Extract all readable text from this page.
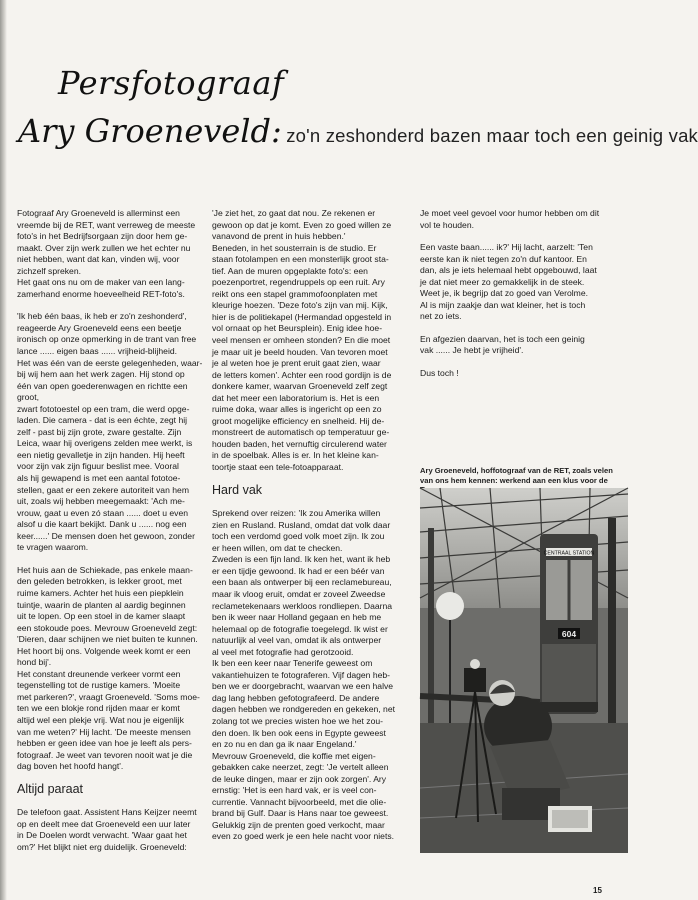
Persfotograaf
Ary Groeneveld: zo'n zeshonderd bazen maar toch een geinig vak

Fotograaf Ary Groeneveld is allerminst een
vreemde bij de RET, want verreweg de meeste
foto's in het Bedrijfsorgaan zijn door hem ge-
maakt. Over zijn werk zullen we het echter nu
niet hebben, want dat kan, vinden wij, voor
zichzelf spreken.
Het gaat ons nu om de maker van een lang-
zamerhand enorme hoeveelheid RET-foto's.

'Ik heb één baas, ik heb er zo'n zeshonderd',
reageerde Ary Groeneveld eens een beetje
ironisch op onze opmerking in de trant van free
lance ...... eigen baas ...... vrijheid-blijheid.
Het was één van de eerste gelegenheden, waar-
bij wij hem aan het werk zagen. Hij stond op
één van open goederenwagen en richtte een groot,
zwart fototoestel op een tram, die werd opge-
laden. Die camera - dat is een échte, zegt hij
zelf - past bij zijn grote, zware gestalte. Zijn
Leica, waar hij overigens zelden mee werkt, is
een nietig gevalletje in zijn handen. Hij heeft
voor zijn vak zijn figuur beslist mee. Vooral
als hij gewapend is met een aantal fototoe-
stellen, gaat er een zekere autoriteit van hem
uit, zoals wij hebben meegemaakt: 'Ach me-
vrouw, gaat u even zó staan ...... doet u even
alsof u die kaart bekijkt. Dank u ...... nog een
keer......' De mensen doen het gewoon, zonder
te vragen waarom.

Het huis aan de Schiekade, pas enkele maan-
den geleden betrokken, is lekker groot, met
ruime kamers. Achter het huis een piepklein
tuintje, waarin de planten al aardig beginnen
uit te lopen. Op een stoel in de kamer slaapt
een stokoude poes. Mevrouw Groeneveld zegt:
'Dieren, daar schijnen we niet buiten te kunnen.
Het hoort bij ons. Volgende week komt er een
hond bij'.
Het constant dreunende verkeer vormt een
tegenstelling tot de rustige kamers. 'Moeite
met parkeren?', vraagt Groeneveld. 'Soms moe-
ten we een blokje rond rijden maar er komt
altijd wel een plekje vrij. Wat nou je eigenlijk
van me weten?' Hij lacht. 'De meeste mensen
hebben er geen idee van hoe je leeft als pers-
fotograaf. Je weet van tevoren nooit wat je die
dag boven het hoofd hangt'.

Altijd paraat

De telefoon gaat. Assistent Hans Keijzer neemt
op en deelt mee dat Groeneveld een uur later
in De Doelen wordt verwacht. 'Waar gaat het
om?' Het blijkt niet erg duidelijk. Groeneveld:

'Je ziet het, zo gaat dat nou. Ze rekenen er
gewoon op dat je komt. Even zo goed willen ze
vanavond de prent in huis hebben.'
Beneden, in het sousterrain is de studio. Er
staan fotolampen en een monsterlijk groot sta-
tief. Aan de muren opgeplakte foto's: een
poezenportret, regendruppels op een ruit. Ary
reikt ons een stapel grammofoonplaten met
kleurige hoezen. 'Deze foto's zijn van mij. Kijk,
hier is de politiekapel (Hermandad opgesteld in
vol ornaat op het Beursplein). Enig idee hoe-
veel mensen er omheen stonden? En die moet
je maar uit je beeld houden. Van tevoren moet
je al weten hoe je prent eruit gaat zien, waar
de letters komen'. Achter een rood gordijn is de
donkere kamer, waarvan Groeneveld zelf zegt
dat het meer een laboratorium is. Het is een
ruime doka, waar alles is ingericht op een zo
groot mogelijke efficiency en snelheid. Hij de-
monstreert de automatisch op temperatuur ge-
houden baden, het vernuftig circulerend water
in de spoelbak. Alles is er. In het kleine kan-
toortje staat een tele-fotoapparaat.

Hard vak

Sprekend over reizen: 'Ik zou Amerika willen
zien en Rusland. Rusland, omdat dat volk daar
toch een verdomd goed volk moet zijn. Ik zou
er heen willen, om dat te checken.
Zweden is een fijn land. Ik ken het, want ik heb
er een tijdje gewoond. Ik had er een béér van
een baan als ontwerper bij een reclamebureau,
maar ik vloog eruit, omdat er zoveel Zweedse
reclametekenaars werkloos rondliepen. Daarna
ben ik weer naar Holland gegaan en heb me
helemaal op de fotografie toegelegd. Ik wist er
natuurlijk al veel van, omdat ik als ontwerper
al veel met fotografie had gerotzooid.
Ik ben een keer naar Tenerife geweest om
vakantiehuizen te fotograferen. Vijf dagen heb-
ben we er doorgebracht, waarvan we een halve
dag lang hebben gefotografeerd. De andere
dagen hebben we rondgereden en gekeken, net
zolang tot we precies wisten hoe we het zou-
den doen. Ik ben ook eens in Egypte geweest
en zo nu en dan ga ik naar Engeland.'
Mevrouw Groeneveld, die koffie met eigen-
gebakken cake neerzet, zegt: 'Je vertelt alleen
de leuke dingen, maar er zijn ook zorgen'. Ary
ernstig: 'Het is een hard vak, er is veel con-
currentie. Vannacht bijvoorbeeld, met die olie-
brand bij Gulf. Daar is Hans naar toe geweest.
Gelukkig zijn de prenten goed verkocht, maar
even zo goed werk je een hele nacht voor niets.

Je moet veel gevoel voor humor hebben om dit
vol te houden.

Een vaste baan...... ik?' Hij lacht, aarzelt: 'Ten
eerste kan ik niet tegen zo'n duf kantoor. En
dan, als je iets helemaal hebt opgebouwd, laat
je dat niet meer zo gemakkelijk in de steek.
Weet je, ik begrijp dat zo goed van Verolme.
Al is mijn zaakje dan wat kleiner, het is toch
net zo iets.

En afgezien daarvan, het is toch een geinig
vak ...... Je hebt je vrijheid'.

Dus toch !

Ary Groeneveld, hoffotograaf van de RET, zoals velen
van ons hem kennen: werkend aan een klus voor de

CENTRAAL STATION
604

15
